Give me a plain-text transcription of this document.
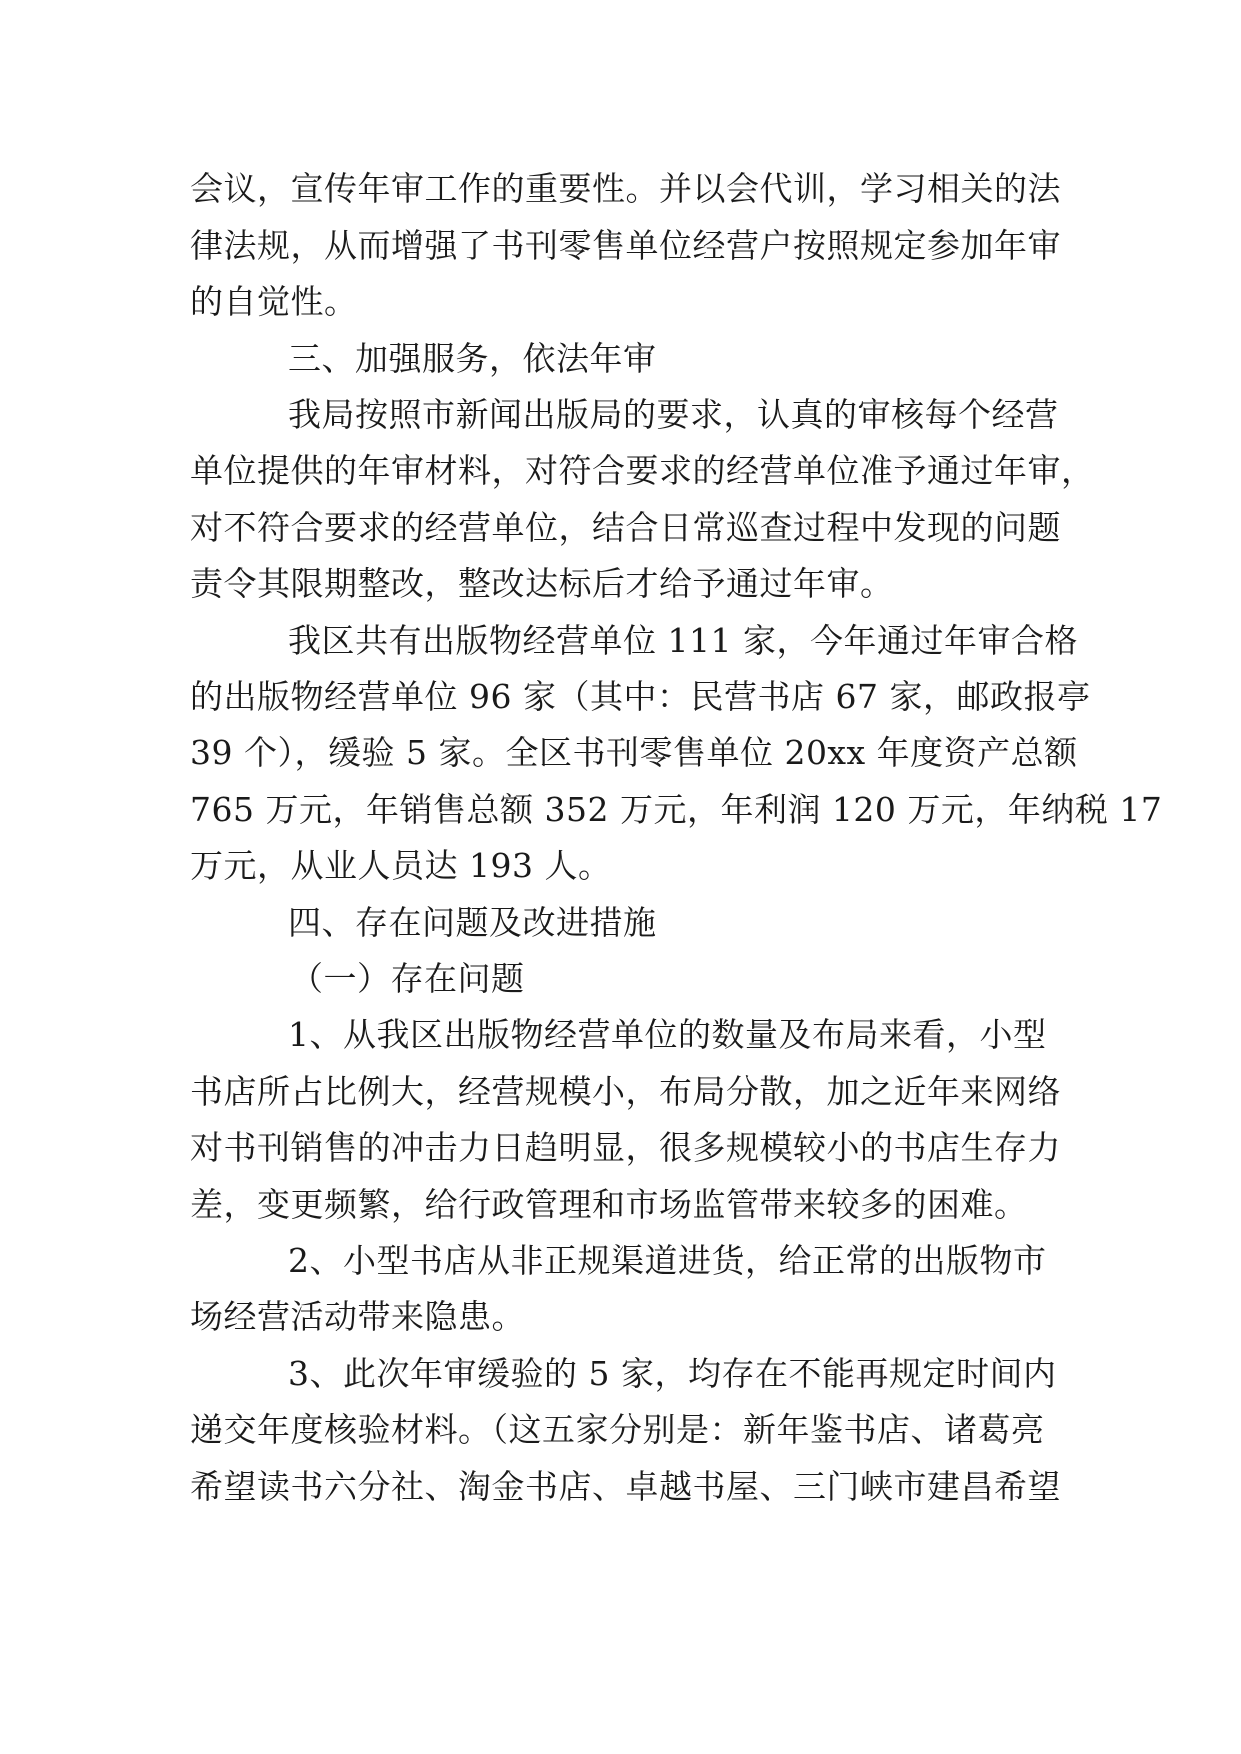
会议，宣传年审工作的重要性。并以会代训，学习相关的法
律法规，从而增强了书刊零售单位经营户按照规定参加年审
的自觉性。
三、加强服务，依法年审
我局按照市新闻出版局的要求，认真的审核每个经营
单位提供的年审材料，对符合要求的经营单位准予通过年审，
对不符合要求的经营单位，结合日常巡查过程中发现的问题
责令其限期整改，整改达标后才给予通过年审。
我区共有出版物经营单位 111 家，今年通过年审合格
的出版物经营单位 96 家（其中：民营书店 67 家，邮政报亭
39 个），缓验 5 家。全区书刊零售单位 20xx 年度资产总额
765 万元，年销售总额 352 万元，年利润 120 万元，年纳税 17
万元，从业人员达 193 人。
四、存在问题及改进措施
（一）存在问题
1、从我区出版物经营单位的数量及布局来看，小型
书店所占比例大，经营规模小，布局分散，加之近年来网络
对书刊销售的冲击力日趋明显，很多规模较小的书店生存力
差，变更频繁，给行政管理和市场监管带来较多的困难。
2、小型书店从非正规渠道进货，给正常的出版物市
场经营活动带来隐患。
3、此次年审缓验的 5 家，均存在不能再规定时间内
递交年度核验材料。（这五家分别是：新年鉴书店、诸葛亮
希望读书六分社、淘金书店、卓越书屋、三门峡市建昌希望
